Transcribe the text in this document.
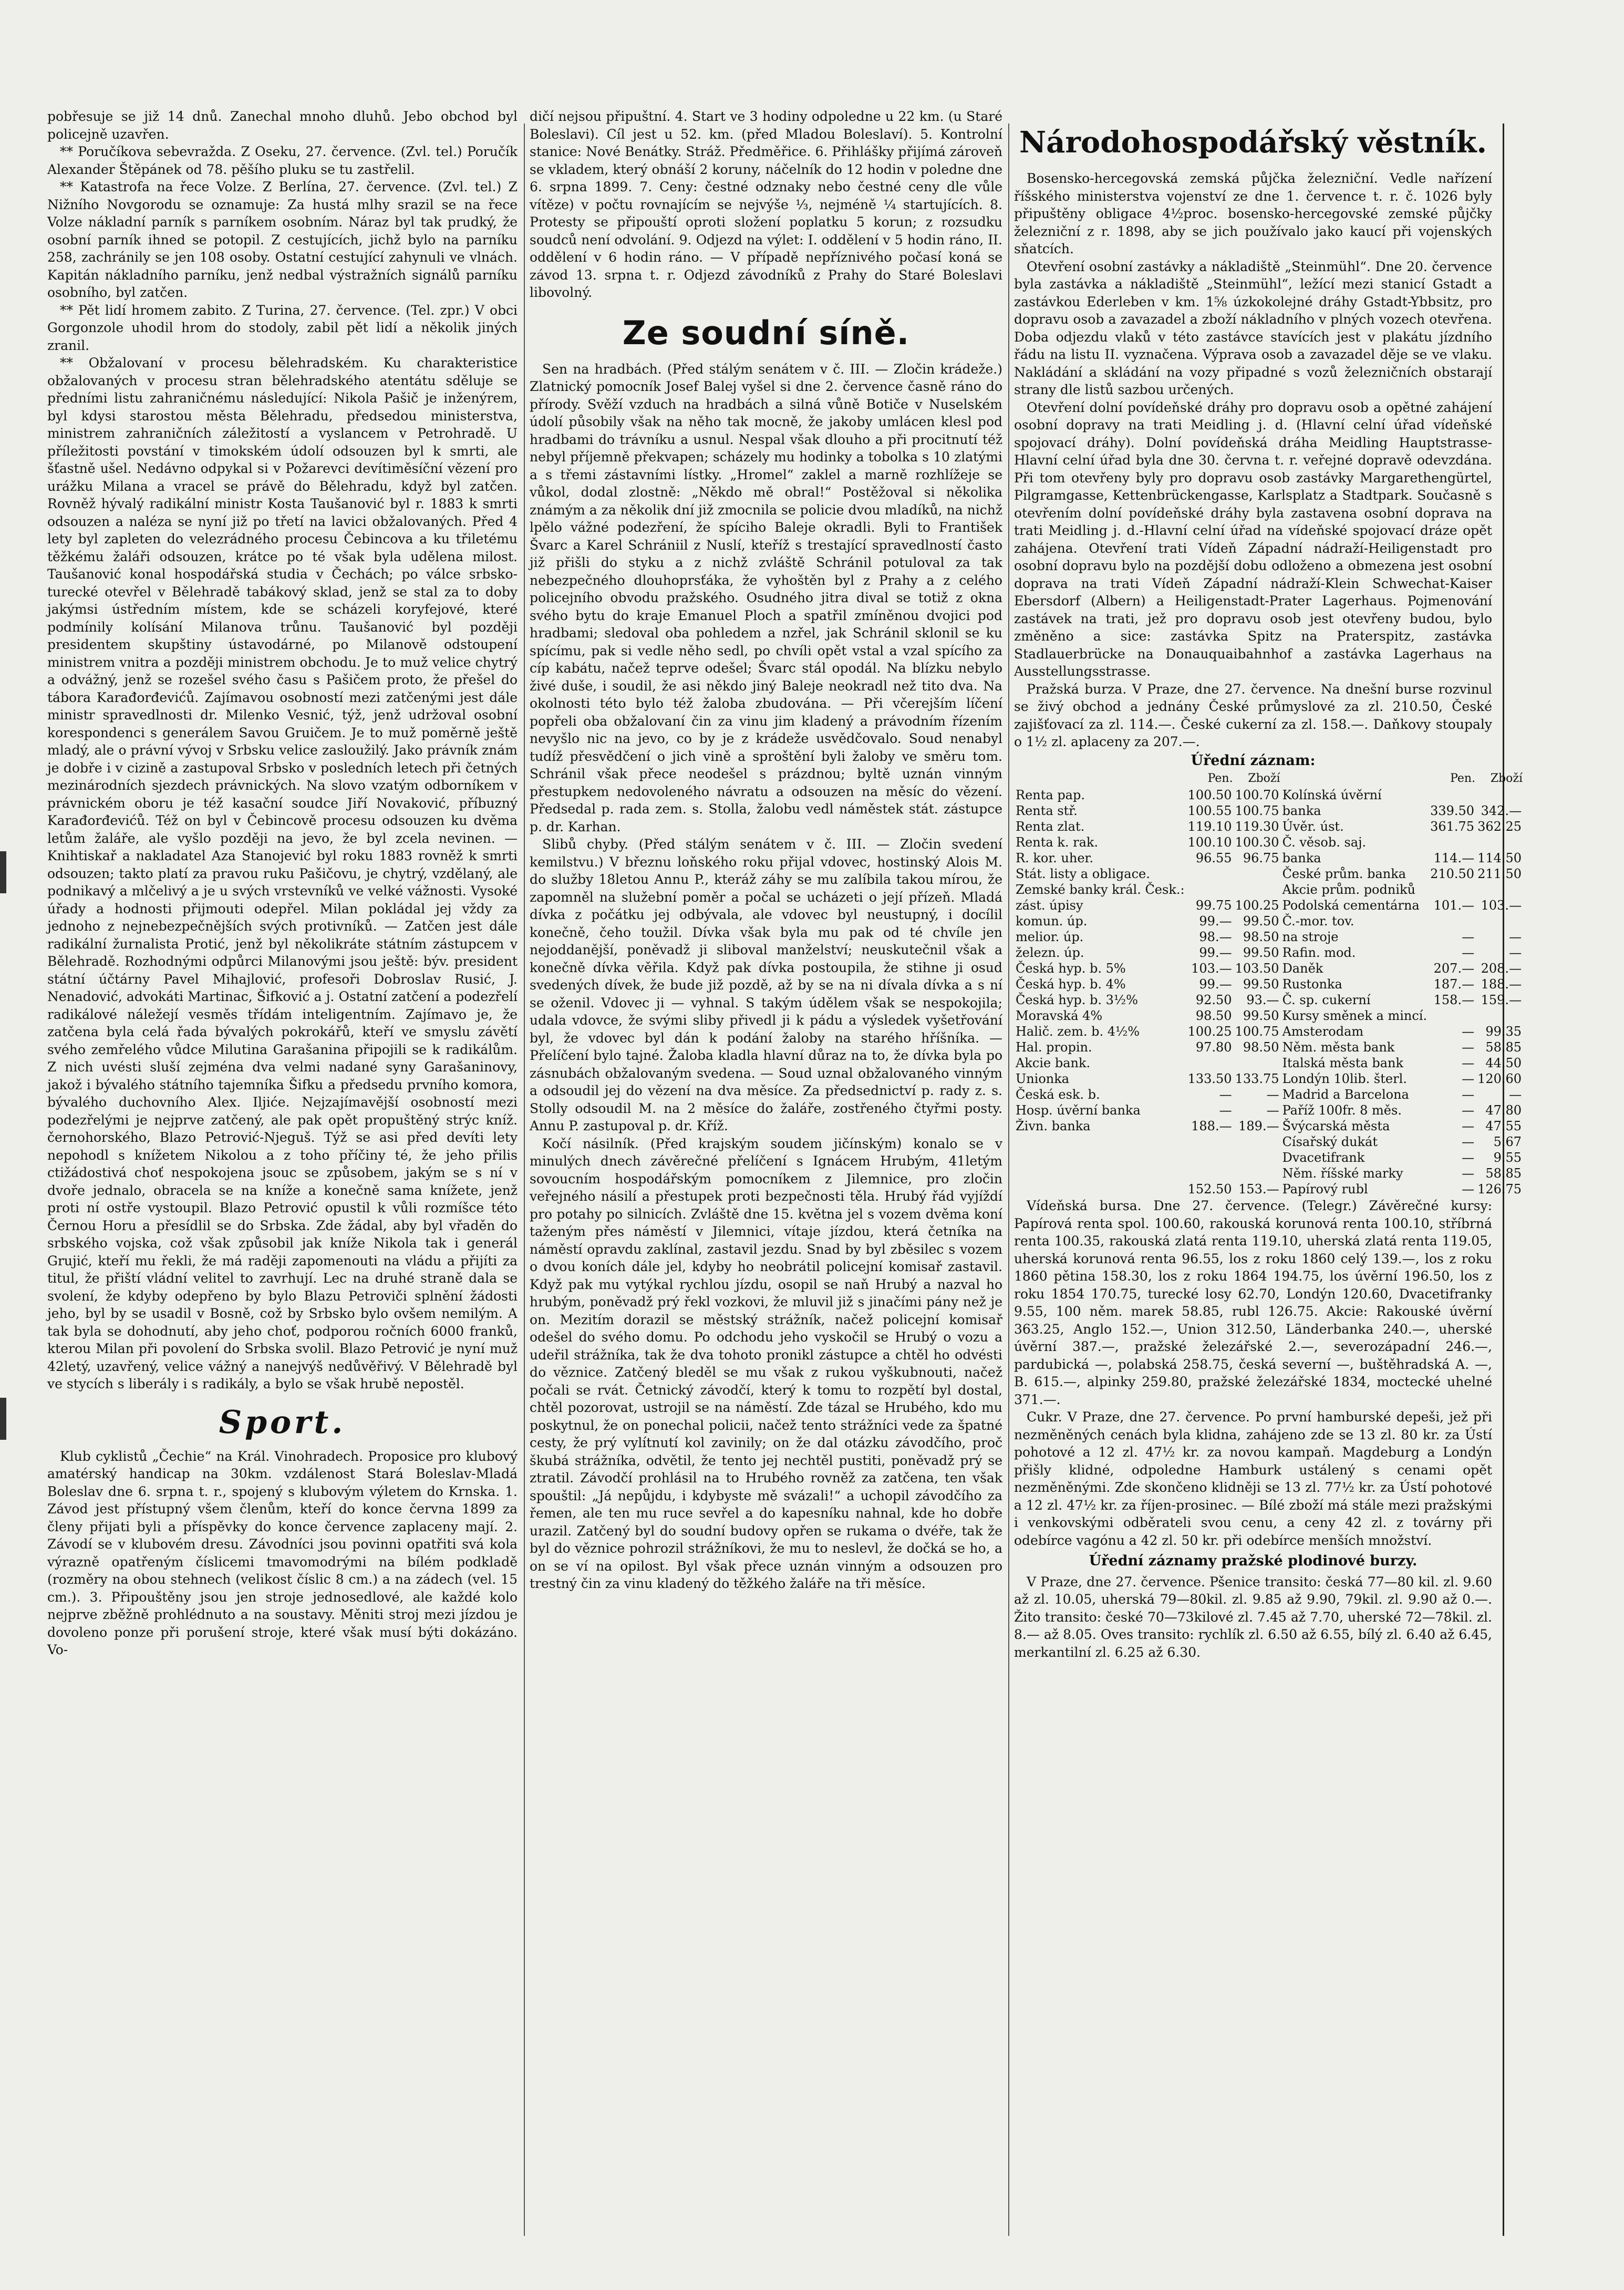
pobřesuje se již 14 dnů. Zanechal mnoho dluhů. Jebo obchod byl policejně uzavřen.

** Poručíkova sebevražda. Z Oseku, 27. července. (Zvl. tel.) Poručík Alexander Štěpánek od 78. pěšího pluku se tu zastřelil.

** Katastrofa na řece Volze. Z Berlína, 27. července. (Zvl. tel.) Z Nižního Novgorodu se oznamuje: Za hustá mlhy srazil se na řece Volze nákladní parník s parníkem osobním. Náraz byl tak prudký, že osobní parník ihned se potopil. Z cestujících, jichž bylo na parníku 258, zachránily se jen 108 osoby. Ostatní cestující zahynuli ve vlnách. Kapitán nákladního parníku, jenž nedbal výstražních signálů parníku osobního, byl zatčen.

** Pět lidí hromem zabito. Z Turina, 27. července. (Tel. zpr.) V obci Gorgonzole uhodil hrom do stodoly, zabil pět lidí a několik jiných zranil.

** Obžalovaní v procesu bělehradském. Ku charakteristice obžalovaných v procesu stran bělehradského atentátu sděluje se předními listu zahraničnému následující: Nikola Pašič je inženýrem, byl kdysi starostou města Bělehradu, předsedou ministerstva, ministrem zahraničních záležitostí a vyslancem v Petrohradě. U příležitosti povstání v timokském údolí odsouzen byl k smrti, ale šťastně ušel. Nedávno odpykal si v Požarevci devítiměsíční vězení pro urážku Milana a vracel se právě do Bělehradu, když byl zatčen. Rovněž hývalý radikální ministr Kosta Taušanović byl r. 1883 k smrti odsouzen a naléza se nyní již po třetí na lavici obžalovaných. Před 4 lety byl zapleten do velezrádného procesu Čebincova a ku třiletému těžkému žaláři odsouzen, krátce po té však byla udělena milost. Taušanović konal hospodářská studia v Čechách; po válce srbsko-turecké otevřel v Bělehradě tabákový sklad, jenž se stal za to doby jakýmsi ústředním místem, kde se scházeli koryfejové, které podmínily kolísání Milanova trůnu. Taušanović byl později presidentem skupštiny ústavodárné, po Milanově odstoupení ministrem vnitra a později ministrem obchodu. Je to muž velice chytrý a odvážný, jenž se rozešel svého času s Pašičem proto, že přešel do tábora Karađorđevićů. Zajímavou osobností mezi zatčenými jest dále ministr spravedlnosti dr. Milenko Vesnić, týž, jenž udržoval osobní korespondenci s generálem Savou Gruičem. Je to muž poměrně ještě mladý, ale o právní vývoj v Srbsku velice zasloužilý. Jako právník znám je dobře i v cizině a zastupoval Srbsko v posledních letech při četných mezinárodních sjezdech právnických. Na slovo vzatým odborníkem v právnickém oboru je též kasační soudce Jiří Novaković, příbuzný Karađorđevićů. Též on byl v Čebincově procesu odsouzen ku dvěma letům žaláře, ale vyšlo později na jevo, že byl zcela nevinen. — Knihtiskař a nakladatel Aza Stanojević byl roku 1883 rovněž k smrti odsouzen; takto platí za pravou ruku Pašičovu, je chytrý, vzdělaný, ale podnikavý a mlčelivý a je u svých vrstevníků ve velké vážnosti. Vysoké úřady a hodnosti přijmouti odepřel. Milan pokládal jej vždy za jednoho z nejnebezpečnějších svých protivníků. — Zatčen jest dále radikální žurnalista Protić, jenž byl několikráte státním zástupcem v Bělehradě. Rozhodnými odpůrci Milanovými jsou ještě: býv. president státní účtárny Pavel Mihajlović, profesoři Dobroslav Rusić, J. Nenadović, advokáti Martinac, Šifković a j. Ostatní zatčení a podezřelí radikálové náležejí vesměs třídám inteligentním. Zajímavo je, že zatčena byla celá řada bývalých pokrokářů, kteří ve smyslu závětí svého zemřelého vůdce Milutina Garašanina připojili se k radikálům. Z nich uvésti sluší zejména dva velmi nadané syny Garašaninovy, jakož i bývalého státního tajemníka Šifku a předsedu prvního komora, bývalého duchovního Alex. Iljiće. Nejzajímavější osobností mezi podezřelými je nejprve zatčený, ale pak opět propuštěný strýc kníž. černohorského, Blazo Petrović-Njeguš. Týž se asi před devíti lety nepohodl s knížetem Nikolou a z toho příčiny té, že jeho přilis ctižádostivá choť nespokojena jsouc se způsobem, jakým se s ní v dvoře jednalo, obracela se na kníže a konečně sama knížete, jenž proti ní ostře vystoupil. Blazo Petrović opustil k vůli rozmíšce této Černou Horu a přesídlil se do Srbska. Zde žádal, aby byl vřaděn do srbského vojska, což však způsobil jak kníže Nikola tak i generál Grujić, kteří mu řekli, že má raději zapomenouti na vládu a přijíti za titul, že přiští vládní velitel to zavrhují. Lec na druhé straně dala se svolení, že kdyby odepřeno by bylo Blazu Petroviči splnění žádosti jeho, byl by se usadil v Bosně, což by Srbsko bylo ovšem nemilým. A tak byla se dohodnutí, aby jeho choť, podporou ročních 6000 franků, kterou Milan při povolení do Srbska svolil. Blazo Petrović je nyní muž 42letý, uzavřený, velice vážný a nanejvýš nedůvěřivý. V Bělehradě byl ve stycích s liberály i s radikály, a bylo se však hrubě nepostěl.

Sport.

Klub cyklistů „Čechie“ na Král. Vinohradech. Proposice pro klubový amatérský handicap na 30km. vzdálenost Stará Boleslav-Mladá Boleslav dne 6. srpna t. r., spojený s klubovým výletem do Krnska. 1. Závod jest přístupný všem členům, kteří do konce června 1899 za členy přijati byli a příspěvky do konce července zaplaceny mají. 2. Závodí se v klubovém dresu. Závodníci jsou povinni opatřiti svá kola výrazně opatřeným číslicemi tmavomodrými na bílém podkladě (rozměry na obou stehnech (velikost číslic 8 cm.) a na zádech (vel. 15 cm.). 3. Připouštěny jsou jen stroje jednosedlové, ale každé kolo nejprve zběžně prohlédnuto a na soustavy. Měniti stroj mezi jízdou je dovoleno ponze při porušení stroje, které však musí býti dokázáno. Vo-

dičí nejsou připuštní. 4. Start ve 3 hodiny odpoledne u 22 km. (u Staré Boleslavi). Cíl jest u 52. km. (před Mladou Boleslaví). 5. Kontrolní stanice: Nové Benátky. Stráž. Předměřice. 6. Přihlášky přijímá zároveň se vkladem, který obnáší 2 koruny, náčelník do 12 hodin v poledne dne 6. srpna 1899. 7. Ceny: čestné odznaky nebo čestné ceny dle vůle vítěze) v počtu rovnajícím se nejvýše ⅓, nejméně ¼ startujících. 8. Protesty se připouští oproti složení poplatku 5 korun; z rozsudku soudců není odvolání. 9. Odjezd na výlet: I. oddělení v 5 hodin ráno, II. oddělení v 6 hodin ráno. — V případě nepříznivého počasí koná se závod 13. srpna t. r. Odjezd závodníků z Prahy do Staré Boleslavi libovolný.

Ze soudní síně.

Sen na hradbách. (Před stálým senátem v č. III. — Zločin krádeže.) Zlatnický pomocník Josef Balej vyšel si dne 2. července časně ráno do přírody. Svěží vzduch na hradbách a silná vůně Botiče v Nuselském údolí působily však na něho tak mocně, že jakoby umlácen klesl pod hradbami do trávníku a usnul. Nespal však dlouho a při procitnutí též nebyl příjemně překvapen; scházely mu hodinky a tobolka s 10 zlatými a s třemi zástavními lístky. „Hromel“ zaklel a marně rozhlížeje se vůkol, dodal zlostně: „Někdo mě obral!“ Postěžoval si několika známým a za několik dní již zmocnila se policie dvou mladíků, na nichž lpělo vážné podezření, že spíciho Baleje okradli. Byli to František Švarc a Karel Schrániil z Nuslí, kteříž s trestající spravedlností často již přišli do styku a z nichž zvláště Schránil potuloval za tak nebezpečného dlouhoprsťáka, že vyhoštěn byl z Prahy a z celého policejního obvodu pražského. Osudného jitra dival se totiž z okna svého bytu do kraje Emanuel Ploch a spatřil zmíněnou dvojici pod hradbami; sledoval oba pohledem a nzřel, jak Schránil sklonil se ku spícímu, pak si vedle něho sedl, po chvíli opět vstal a vzal spícího za cíp kabátu, načež teprve odešel; Švarc stál opodál. Na blízku nebylo živé duše, i soudil, že asi někdo jiný Baleje neokradl než tito dva. Na okolnosti této bylo též žaloba zbudována. — Při včerejším líčení popřeli oba obžalovaní čin za vinu jim kladený a právodním řízením nevyšlo nic na jevo, co by je z krádeže usvědčovalo. Soud nenabyl tudíž přesvědčení o jich vině a sproštění byli žaloby ve směru tom. Schránil však přece neodešel s prázdnou; byltě uznán vinným přestupkem nedovoleného návratu a odsouzen na měsíc do vězení. Předsedal p. rada zem. s. Stolla, žalobu vedl náměstek stát. zástupce p. dr. Karhan.

Slibů chyby. (Před stálým senátem v č. III. — Zločin svedení kemilstvu.) V březnu loňského roku přijal vdovec, hostinský Alois M. do služby 18letou Annu P., kteráž záhy se mu zalíbila takou mírou, že zapomněl na služební poměr a počal se ucházeti o její přízeň. Mladá dívka z počátku jej odbývala, ale vdovec byl neustupný, i docílil konečně, čeho toužil. Dívka však byla mu pak od té chvíle jen nejoddanější, poněvadž ji sliboval manželství; neuskutečnil však a konečně dívka věřila. Když pak dívka postoupila, že stihne ji osud svedených dívek, že bude již pozdě, až by se na ni dívala dívka a s ní se oženil. Vdovec ji — vyhnal. S takým údělem však se nespokojila; udala vdovce, že svými sliby přivedl ji k pádu a výsledek vyšetřování byl, že vdovec byl dán k podání žaloby na starého hříšníka. — Přelíčení bylo tajné. Žaloba kladla hlavní důraz na to, že dívka byla po zásnubách obžalovaným svedena. — Soud uznal obžalovaného vinným a odsoudil jej do vězení na dva měsíce. Za předsednictví p. rady z. s. Stolly odsoudil M. na 2 měsíce do žaláře, zostřeného čtyřmi posty. Annu P. zastupoval p. dr. Kříž.

Kočí násilník. (Před krajským soudem jičínským) konalo se v minulých dnech závěrečné přelíčení s Ignácem Hrubým, 41letým sovoucním hospodářským pomocníkem z Jilemnice, pro zločin veřejného násilí a přestupek proti bezpečnosti těla. Hrubý řád vyjíždí pro potahy po silnicích. Zvláště dne 15. května jel s vozem dvěma koní taženým přes náměstí v Jilemnici, vítaje jízdou, která četníka na náměstí opravdu zaklínal, zastavil jezdu. Snad by byl zběsilec s vozem o dvou koních dále jel, kdyby ho neobrátil policejní komisař zastavil. Když pak mu vytýkal rychlou jízdu, osopil se naň Hrubý a nazval ho hrubým, poněvadž prý řekl vozkovi, že mluvil již s jinačími pány než je on. Mezitím dorazil se městský strážník, načež policejní komisař odešel do svého domu. Po odchodu jeho vyskočil se Hrubý o vozu a udeřil strážníka, tak že dva tohoto pronikl zástupce a chtěl ho odvésti do věznice. Zatčený bleděl se mu však z rukou vyškubnouti, načež počali se rvát. Četnický závodčí, který k tomu to rozpětí byl dostal, chtěl pozorovat, ustrojil se na náměstí. Zde tázal se Hrubého, kdo mu poskytnul, že on ponechal policii, načež tento strážníci vede za špatné cesty, že prý vylítnutí kol zavinily; on že dal otázku závodčího, proč škubá strážníka, odvětil, že tento jej nechtěl pustiti, poněvadž prý se ztratil. Závodčí prohlásil na to Hrubého rovněž za zatčena, ten však spouštil: „Já nepůjdu, i kdybyste mě svázali!“ a uchopil závodčího za řemen, ale ten mu ruce sevřel a do kapesníku nahnal, kde ho dobře urazil. Zatčený byl do soudní budovy opřen se rukama o dvéře, tak že byl do věznice pohrozil strážníkovi, že mu to neslevl, že dočká se ho, a on se ví na opilost. Byl však přece uznán vinným a odsouzen pro trestný čin za vinu kladený do těžkého žaláře na tři měsíce.

Národohospodářský věstník.

Bosensko-hercegovská zemská půjčka železniční. Vedle nařízení říšského ministerstva vojenství ze dne 1. července t. r. č. 1026 byly připuštěny obligace 4½proc. bosensko-hercegovské zemské půjčky železniční z r. 1898, aby se jich používalo jako kaucí při vojenských sňatcích.

Otevření osobní zastávky a nákladiště „Steinmühl“. Dne 20. července byla zastávka a nákladiště „Steinmühl“, ležící mezi stanicí Gstadt a zastávkou Ederleben v km. 1⅝ úzkokolejné dráhy Gstadt-Ybbsitz, pro dopravu osob a zavazadel a zboží nákladního v plných vozech otevřena. Doba odjezdu vlaků v této zastávce stavících jest v plakátu jízdního řádu na listu II. vyznačena. Výprava osob a zavazadel děje se ve vlaku. Nakládání a skládání na vozy připadné s vozů železničních obstarají strany dle listů sazbou určených.

Otevření dolní povídeňské dráhy pro dopravu osob a opětné zahájení osobní dopravy na trati Meidling j. d. (Hlavní celní úřad vídeňské spojovací dráhy). Dolní povídeňská dráha Meidling Hauptstrasse-Hlavní celní úřad byla dne 30. června t. r. veřejné dopravě odevzdána. Při tom otevřeny byly pro dopravu osob zastávky Margarethengürtel, Pilgramgasse, Kettenbrückengasse, Karlsplatz a Stadtpark. Současně s otevřením dolní povídeňské dráhy byla zastavena osobní doprava na trati Meidling j. d.-Hlavní celní úřad na vídeňské spojovací dráze opět zahájena. Otevření trati Vídeň Západní nádraží-Heiligenstadt pro osobní dopravu bylo na pozdější dobu odloženo a obmezena jest osobní doprava na trati Vídeň Západní nádraží-Klein Schwechat-Kaiser Ebersdorf (Albern) a Heiligenstadt-Prater Lagerhaus. Pojmenování zastávek na trati, jež pro dopravu osob jest otevřeny budou, bylo změněno a sice: zastávka Spitz na Praterspitz, zastávka Stadlauerbrücke na Donauquaibahnhof a zastávka Lagerhaus na Ausstellungsstrasse.

Pražská burza. V Praze, dne 27. července. Na dnešní burse rozvinul se živý obchod a jednány České průmyslové za zl. 210.50, České zajišťovací za zl. 114.—. České cukerní za zl. 158.—. Daňkovy stoupaly o 1½ zl. aplaceny za 207.—.

Úřední záznam:
	Pen.	Zboží		Pen.	Zboží
Renta pap.	100.50	100.70	Kolínská úvěrní		
Renta stř.	100.55	100.75	banka	339.50	342.—
Renta zlat.	119.10	119.30	Úvěr. úst.	361.75	362.25
Renta k. rak.	100.10	100.30	Č. věsob. saj.		
R. kor. uher.	96.55	96.75	banka	114.—	114.50
Stát. listy a obligace.			České prům. banka	210.50	211.50
Zemské banky král. Česk.:			Akcie prům. podniků		
zást. úpisy	99.75	100.25	Podolská cementárna	101.—	103.—
komun. úp.	99.—	99.50	Č.-mor. tov.		
melior. úp.	98.—	98.50	na stroje	—	—
železn. úp.	99.—	99.50	Rafin. mod.	—	—
Česká hyp. b. 5%	103.—	103.50	Daněk	207.—	208.—
Česká hyp. b. 4%	99.—	99.50	Rustonka	187.—	188.—
Česká hyp. b. 3½%	92.50	93.—	Č. sp. cukerní	158.—	159.—
Moravská 4%	98.50	99.50	Kursy směnek a mincí.		
Halič. zem. b. 4½%	100.25	100.75	Amsterodam	—	99.35
Hal. propin.	97.80	98.50	Něm. města bank	—	58.85
Akcie bank.			Italská města bank	—	44.50
Unionka	133.50	133.75	Londýn 10lib. šterl.	—	120.60
Česká esk. b.	—	—	Madrid a Barcelona	—	—
Hosp. úvěrní banka	—	—	Paříž 100fr. 8 měs.	—	47.80
Živn. banka	188.—	189.—	Švýcarská města	—	47.55
			Císařský dukát	—	5.67
			Dvacetifrank	—	9.55
			Něm. říšské marky	—	58.85
	152.50	153.—	Papírový rubl	—	126.75

Vídeňská bursa. Dne 27. července. (Telegr.) Závěrečné kursy: Papírová renta spol. 100.60, rakouská korunová renta 100.10, stříbrná renta 100.35, rakouská zlatá renta 119.10, uherská zlatá renta 119.05, uherská korunová renta 96.55, los z roku 1860 celý 139.—, los z roku 1860 pětina 158.30, los z roku 1864 194.75, los úvěrní 196.50, los z roku 1854 170.75, turecké losy 62.70, Londýn 120.60, Dvacetifranky 9.55, 100 něm. marek 58.85, rubl 126.75. Akcie: Rakouské úvěrní 363.25, Anglo 152.—, Union 312.50, Länderbanka 240.—, uherské úvěrní 387.—, pražské železářské 2.—, severozápadní 246.—, pardubická —, polabská 258.75, česká severní —, buštěhradská A. —, B. 615.—, alpinky 259.80, pražské železářské 1834, moctecké uhelné 371.—.

Cukr. V Praze, dne 27. července. Po první hamburské depeši, jež při nezměněných cenách byla klidna, zahájeno zde se 13 zl. 80 kr. za Ústí pohotové a 12 zl. 47½ kr. za novou kampaň. Magdeburg a Londýn přišly klidné, odpoledne Hamburk ustálený s cenami opět nezměněnými. Zde skončeno klidněji se 13 zl. 77½ kr. za Ústí pohotové a 12 zl. 47½ kr. za říjen-prosinec. — Bílé zboží má stále mezi pražskými i venkovskými odběrateli svou cenu, a ceny 42 zl. z továrny při odebírce vagónu a 42 zl. 50 kr. při odebírce menších množství.

Úřední záznamy pražské plodinové burzy.

V Praze, dne 27. července. Pšenice transito: česká 77—80 kil. zl. 9.60 až zl. 10.05, uherská 79—80kil. zl. 9.85 až 9.90, 79kil. zl. 9.90 až 0.—. Žito transito: české 70—73kilové zl. 7.45 až 7.70, uherské 72—78kil. zl. 8.— až 8.05. Oves transito: rychlík zl. 6.50 až 6.55, bílý zl. 6.40 až 6.45, merkantilní zl. 6.25 až 6.30.
